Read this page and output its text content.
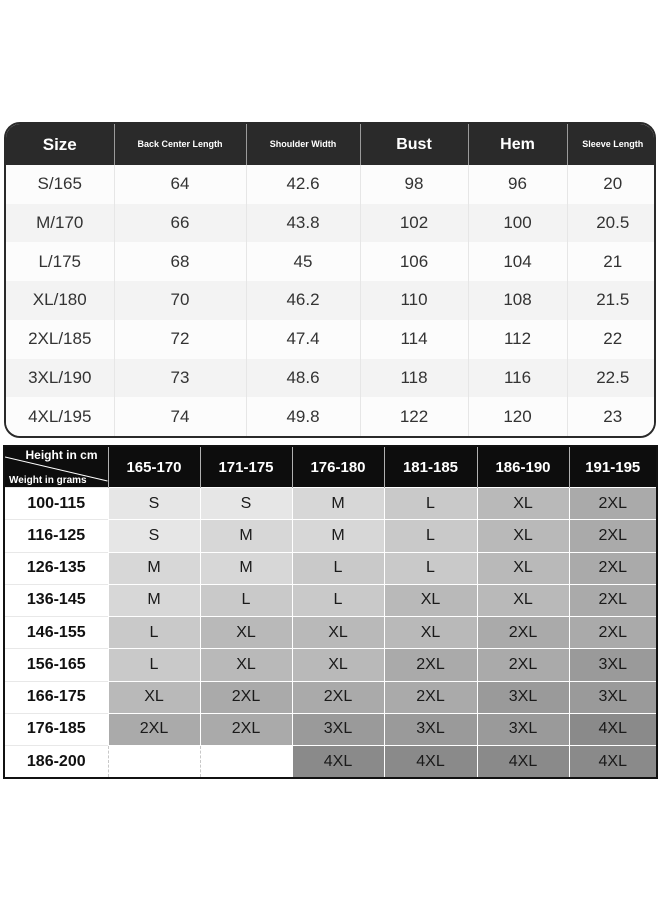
Size	Back Center Length	Shoulder Width	Bust	Hem	Sleeve Length
S/165	64	42.6	98	96	20
M/170	66	43.8	102	100	20.5
L/175	68	45	106	104	21
XL/180	70	46.2	110	108	21.5
2XL/185	72	47.4	114	112	22
3XL/190	73	48.6	118	116	22.5
4XL/195	74	49.8	122	120	23
Height in cm
Weight in grams	165-170	171-175	176-180	181-185	186-190	191-195
100-115	S	S	M	L	XL	2XL
116-125	S	M	M	L	XL	2XL
126-135	M	M	L	L	XL	2XL
136-145	M	L	L	XL	XL	2XL
146-155	L	XL	XL	XL	2XL	2XL
156-165	L	XL	XL	2XL	2XL	3XL
166-175	XL	2XL	2XL	2XL	3XL	3XL
176-185	2XL	2XL	3XL	3XL	3XL	4XL
186-200			4XL	4XL	4XL	4XL
